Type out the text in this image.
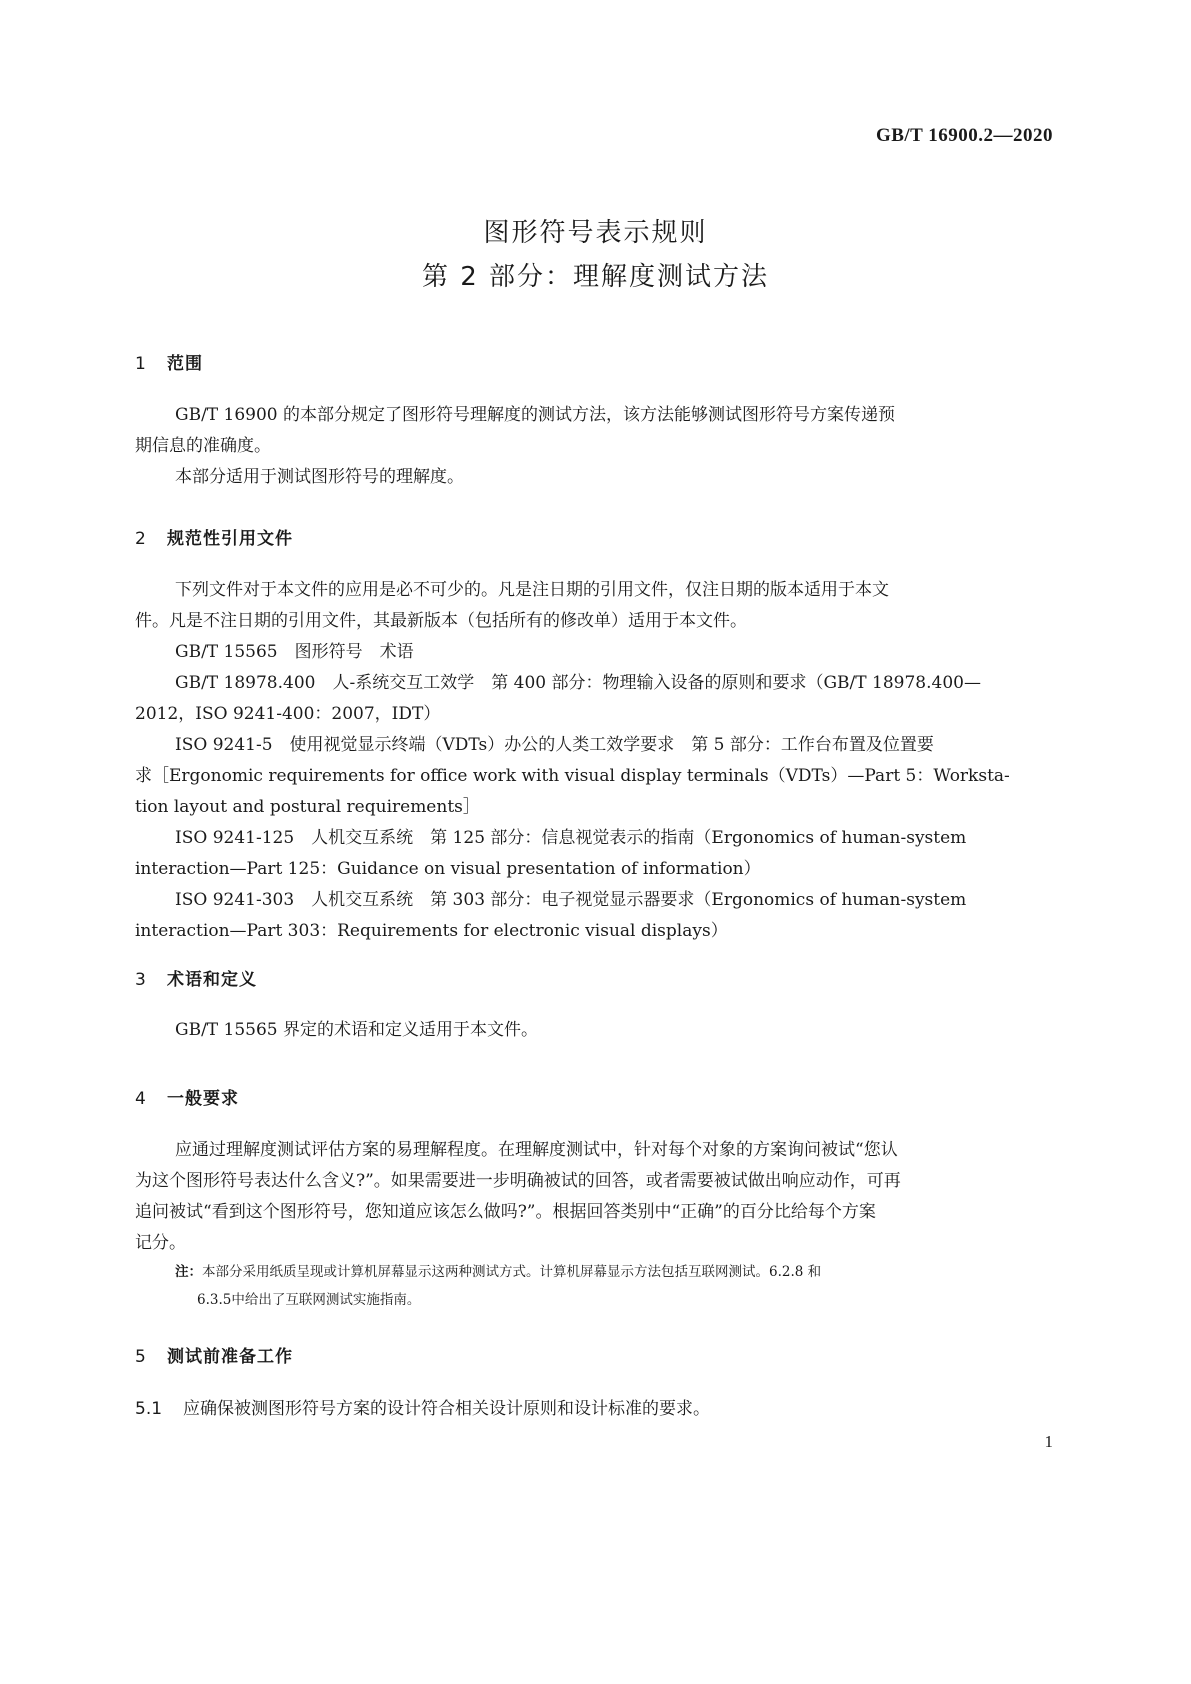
GB/T 16900.2—2020
图形符号表示规则
第 2 部分：理解度测试方法
1 范围
GB/T 16900 的本部分规定了图形符号理解度的测试方法，该方法能够测试图形符号方案传递预
期信息的准确度。
本部分适用于测试图形符号的理解度。
2 规范性引用文件
下列文件对于本文件的应用是必不可少的。凡是注日期的引用文件，仅注日期的版本适用于本文
件。凡是不注日期的引用文件，其最新版本（包括所有的修改单）适用于本文件。
GB/T 15565　图形符号　术语
GB/T 18978.400　人-系统交互工效学　第 400 部分：物理输入设备的原则和要求（GB/T 18978.400—
2012，ISO 9241-400：2007，IDT）
ISO 9241-5　使用视觉显示终端（VDTs）办公的人类工效学要求　第 5 部分：工作台布置及位置要
求［Ergonomic requirements for office work with visual display terminals（VDTs）—Part 5：Worksta-
tion layout and postural requirements］
ISO 9241-125　人机交互系统　第 125 部分：信息视觉表示的指南（Ergonomics of human-system
interaction—Part 125：Guidance on visual presentation of information）
ISO 9241-303　人机交互系统　第 303 部分：电子视觉显示器要求（Ergonomics of human-system
interaction—Part 303：Requirements for electronic visual displays）
3 术语和定义
GB/T 15565 界定的术语和定义适用于本文件。
4 一般要求
应通过理解度测试评估方案的易理解程度。在理解度测试中，针对每个对象的方案询问被试“您认
为这个图形符号表达什么含义?”。如果需要进一步明确被试的回答，或者需要被试做出响应动作，可再
追问被试“看到这个图形符号，您知道应该怎么做吗?”。根据回答类别中“正确”的百分比给每个方案
记分。
注：本部分采用纸质呈现或计算机屏幕显示这两种测试方式。计算机屏幕显示方法包括互联网测试。6.2.8 和
6.3.5中给出了互联网测试实施指南。
5 测试前准备工作
5.1 应确保被测图形符号方案的设计符合相关设计原则和设计标准的要求。
1
